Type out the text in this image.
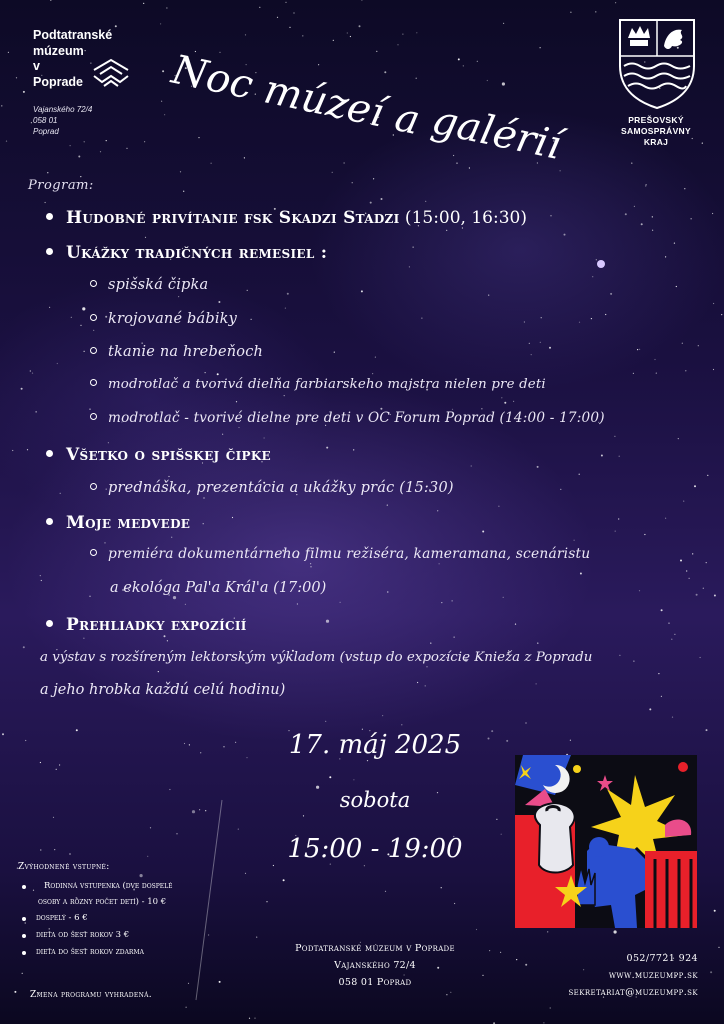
Podtatranské
múzeum
v
Poprade
Vajanského 72/4
058 01
Poprad
PREŠOVSKÝ
SAMOSPRÁVNY
KRAJ
Noc múzeí a galérií
Program:
Hudobné privítanie fsk Skadzi Stadzi (15:00, 16:30)
Ukážky tradičných remesiel :
spišská čipka
krojované bábiky
tkanie na hrebeňoch
modrotlač a tvorivá dielňa farbiarskeho majstra nielen pre deti
modrotlač - tvorivé dielne pre deti v OC Forum Poprad (14:00 - 17:00)
Všetko o spišskej čipke
prednáška, prezentácia a ukážky prác (15:30)
Moje medvede
premiéra dokumentárneho filmu režiséra, kameramana, scenáristu
a ekológa Pal'a Král'a (17:00)
Prehliadky expozícií
a výstav s rozšíreným lektorským výkladom (vstup do expozície Knieža z Popradu
a jeho hrobka každú celú hodinu)
17. máj 2025
sobota
15:00 - 19:00
Zvýhodnené vstupné:
Rodinná vstupenka (dve dospelé
osoby a rôzny počet detí) - 10 €
dospelý - 6 €
dieťa od šesť rokov 3 €
dieťa do šesť rokov zdarma
Zmena programu vyhradená.
Podtatranské múzeum v Poprade
Vajanského 72/4
058 01 Poprad
052/7721 924
www.muzeumpp.sk
sekretariat@muzeumpp.sk
